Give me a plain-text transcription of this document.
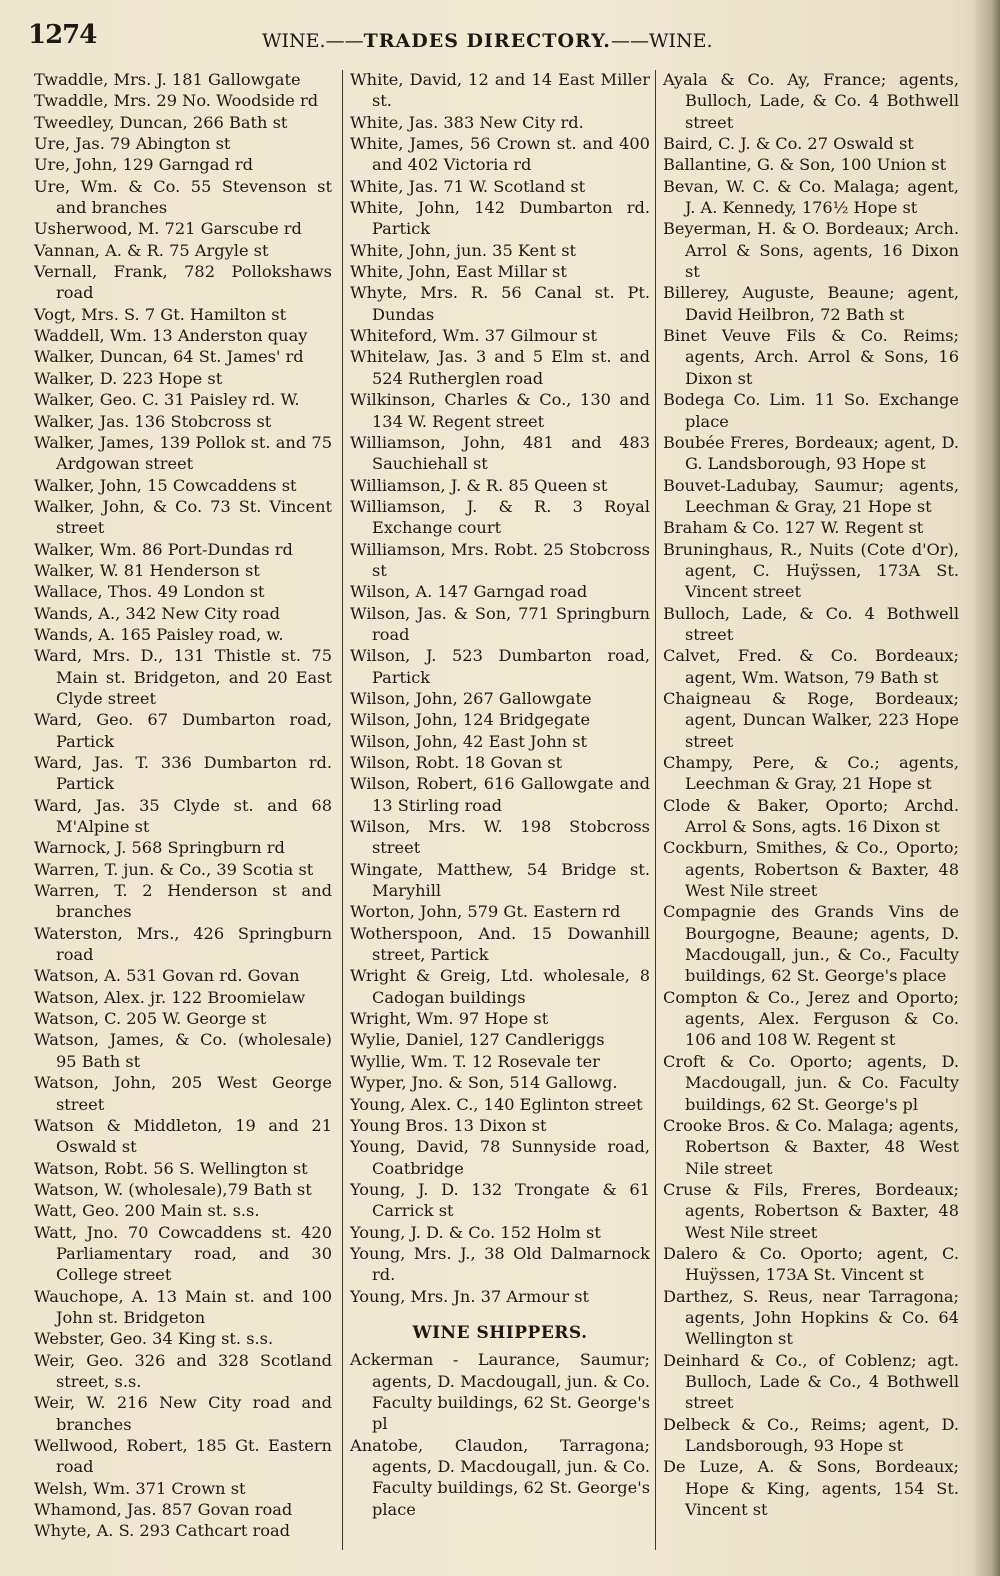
1274	WINE.——TRADES DIRECTORY.——WINE.
Twaddle, Mrs. J. 181 Gallowgate
Twaddle, Mrs. 29 No. Woodside rd
Tweedley, Duncan, 266 Bath st
Ure, Jas. 79 Abington st
Ure, John, 129 Garngad rd
Ure, Wm. & Co. 55 Stevenson st and branches
Usherwood, M. 721 Garscube rd
Vannan, A. & R. 75 Argyle st
Vernall, Frank, 782 Pollokshaws road
Vogt, Mrs. S. 7 Gt. Hamilton st
Waddell, Wm. 13 Anderston quay
Walker, Duncan, 64 St. James' rd
Walker, D. 223 Hope st
Walker, Geo. C. 31 Paisley rd. W.
Walker, Jas. 136 Stobcross st
Walker, James, 139 Pollok st. and 75 Ardgowan street
Walker, John, 15 Cowcaddens st
Walker, John, & Co. 73 St. Vincent street
Walker, Wm. 86 Port-Dundas rd
Walker, W. 81 Henderson st
Wallace, Thos. 49 London st
Wands, A., 342 New City road
Wands, A. 165 Paisley road, w.
Ward, Mrs. D., 131 Thistle st. 75 Main st. Bridgeton, and 20 East Clyde street
Ward, Geo. 67 Dumbarton road, Partick
Ward, Jas. T. 336 Dumbarton rd. Partick
Ward, Jas. 35 Clyde st. and 68 M'Alpine st
Warnock, J. 568 Springburn rd
Warren, T. jun. & Co., 39 Scotia st
Warren, T. 2 Henderson st and branches
Waterston, Mrs., 426 Springburn road
Watson, A. 531 Govan rd. Govan
Watson, Alex. jr. 122 Broomielaw
Watson, C. 205 W. George st
Watson, James, & Co. (wholesale) 95 Bath st
Watson, John, 205 West George street
Watson & Middleton, 19 and 21 Oswald st
Watson, Robt. 56 S. Wellington st
Watson, W. (wholesale),79 Bath st
Watt, Geo. 200 Main st. s.s.
Watt, Jno. 70 Cowcaddens st. 420 Parliamentary road, and 30 College street
Wauchope, A. 13 Main st. and 100 John st. Bridgeton
Webster, Geo. 34 King st. s.s.
Weir, Geo. 326 and 328 Scotland street, s.s.
Weir, W. 216 New City road and branches
Wellwood, Robert, 185 Gt. Eastern road
Welsh, Wm. 371 Crown st
Whamond, Jas. 857 Govan road
Whyte, A. S. 293 Cathcart road
White, David, 12 and 14 East Miller st.
White, Jas. 383 New City rd.
White, James, 56 Crown st. and 400 and 402 Victoria rd
White, Jas. 71 W. Scotland st
White, John, 142 Dumbarton rd. Partick
White, John, jun. 35 Kent st
White, John, East Millar st
Whyte, Mrs. R. 56 Canal st. Pt. Dundas
Whiteford, Wm. 37 Gilmour st
Whitelaw, Jas. 3 and 5 Elm st. and 524 Rutherglen road
Wilkinson, Charles & Co., 130 and 134 W. Regent street
Williamson, John, 481 and 483 Sauchiehall st
Williamson, J. & R. 85 Queen st
Williamson, J. & R. 3 Royal Exchange court
Williamson, Mrs. Robt. 25 Stobcross st
Wilson, A. 147 Garngad road
Wilson, Jas. & Son, 771 Springburn road
Wilson, J. 523 Dumbarton road, Partick
Wilson, John, 267 Gallowgate
Wilson, John, 124 Bridgegate
Wilson, John, 42 East John st
Wilson, Robt. 18 Govan st
Wilson, Robert, 616 Gallowgate and 13 Stirling road
Wilson, Mrs. W. 198 Stobcross street
Wingate, Matthew, 54 Bridge st. Maryhill
Worton, John, 579 Gt. Eastern rd
Wotherspoon, And. 15 Dowanhill street, Partick
Wright & Greig, Ltd. wholesale, 8 Cadogan buildings
Wright, Wm. 97 Hope st
Wylie, Daniel, 127 Candleriggs
Wyllie, Wm. T. 12 Rosevale ter
Wyper, Jno. & Son, 514 Gallowg.
Young, Alex. C., 140 Eglinton street
Young Bros. 13 Dixon st
Young, David, 78 Sunnyside road, Coatbridge
Young, J. D. 132 Trongate & 61 Carrick st
Young, J. D. & Co. 152 Holm st
Young, Mrs. J., 38 Old Dalmarnock rd.
Young, Mrs. Jn. 37 Armour st
WINE SHIPPERS.
Ackerman - Laurance, Saumur; agents, D. Macdougall, jun. & Co. Faculty buildings, 62 St. George's pl
Anatobe, Claudon, Tarragona; agents, D. Macdougall, jun. & Co. Faculty buildings, 62 St. George's place
Ayala & Co. Ay, France; agents, Bulloch, Lade, & Co. 4 Bothwell street
Baird, C. J. & Co. 27 Oswald st
Ballantine, G. & Son, 100 Union st
Bevan, W. C. & Co. Malaga; agent, J. A. Kennedy, 176½ Hope st
Beyerman, H. & O. Bordeaux; Arch. Arrol & Sons, agents, 16 Dixon st
Billerey, Auguste, Beaune; agent, David Heilbron, 72 Bath st
Binet Veuve Fils & Co. Reims; agents, Arch. Arrol & Sons, 16 Dixon st
Bodega Co. Lim. 11 So. Exchange place
Boubée Freres, Bordeaux; agent, D. G. Landsborough, 93 Hope st
Bouvet-Ladubay, Saumur; agents, Leechman & Gray, 21 Hope st
Braham & Co. 127 W. Regent st
Bruninghaus, R., Nuits (Cote d'Or), agent, C. Huÿssen, 173A St. Vincent street
Bulloch, Lade, & Co. 4 Bothwell street
Calvet, Fred. & Co. Bordeaux; agent, Wm. Watson, 79 Bath st
Chaigneau & Roge, Bordeaux; agent, Duncan Walker, 223 Hope street
Champy, Pere, & Co.; agents, Leechman & Gray, 21 Hope st
Clode & Baker, Oporto; Archd. Arrol & Sons, agts. 16 Dixon st
Cockburn, Smithes, & Co., Oporto; agents, Robertson & Baxter, 48 West Nile street
Compagnie des Grands Vins de Bourgogne, Beaune; agents, D. Macdougall, jun., & Co., Faculty buildings, 62 St. George's place
Compton & Co., Jerez and Oporto; agents, Alex. Ferguson & Co. 106 and 108 W. Regent st
Croft & Co. Oporto; agents, D. Macdougall, jun. & Co. Faculty buildings, 62 St. George's pl
Crooke Bros. & Co. Malaga; agents, Robertson & Baxter, 48 West Nile street
Cruse & Fils, Freres, Bordeaux; agents, Robertson & Baxter, 48 West Nile street
Dalero & Co. Oporto; agent, C. Huÿssen, 173A St. Vincent st
Darthez, S. Reus, near Tarragona; agents, John Hopkins & Co. 64 Wellington st
Deinhard & Co., of Coblenz; agt. Bulloch, Lade & Co., 4 Bothwell street
Delbeck & Co., Reims; agent, D. Landsborough, 93 Hope st
De Luze, A. & Sons, Bordeaux; Hope & King, agents, 154 St. Vincent st
